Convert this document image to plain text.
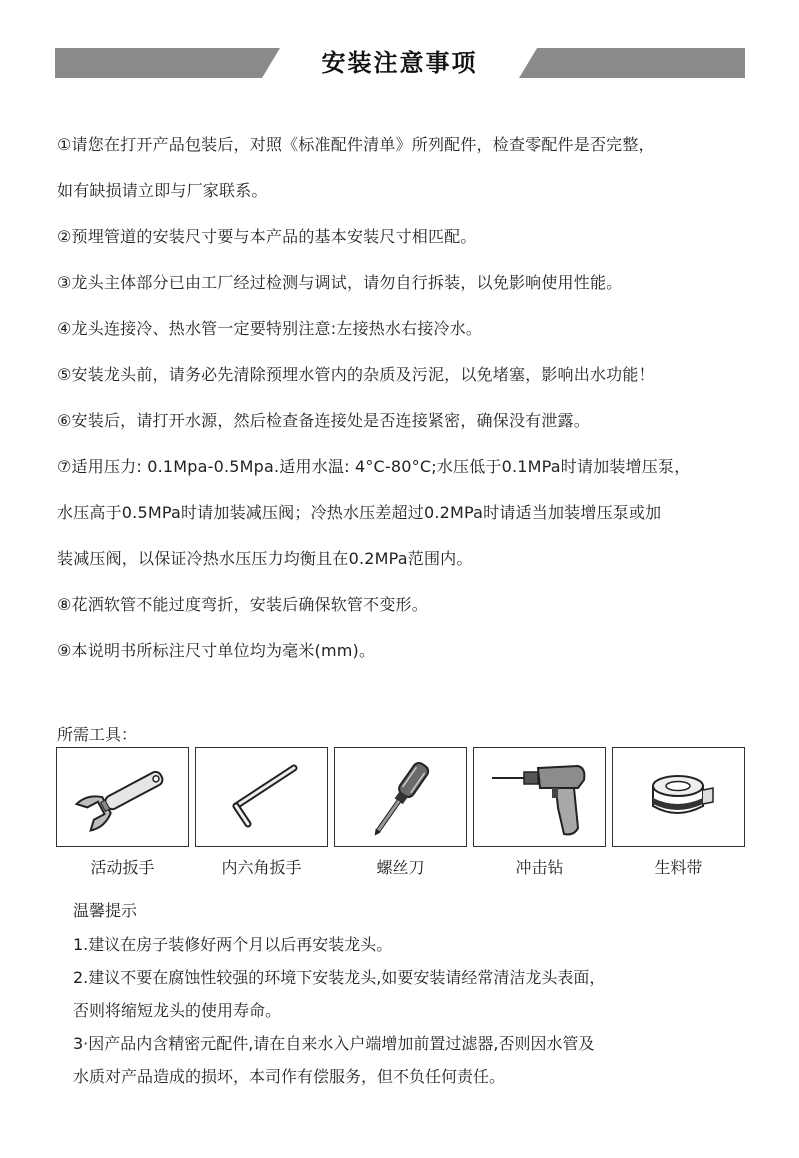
安装注意事项
①请您在打开产品包装后，对照《标准配件清单》所列配件，检查零配件是否完整，
如有缺损请立即与厂家联系。
②预埋管道的安装尺寸要与本产品的基本安装尺寸相匹配。
③龙头主体部分已由工厂经过检测与调试，请勿自行拆装，以免影响使用性能。
④龙头连接冷、热水管一定要特别注意:左接热水右接冷水。
⑤安装龙头前，请务必先清除预埋水管内的杂质及污泥，以免堵塞，影响出水功能！
⑥安装后，请打开水源，然后检查备连接处是否连接紧密，确保没有泄露。
⑦适用压力: 0.1Mpa-0.5Mpa.适用水温: 4°C-80°C;水压低于0.1MPa时请加装增压泵，
水压高于0.5MPa时请加装减压阀；冷热水压差超过0.2MPa时请适当加装增压泵或加
装减压阀，以保证冷热水压压力均衡且在0.2MPa范围内。
⑧花洒软管不能过度弯折，安装后确保软管不变形。
⑨本说明书所标注尺寸单位均为毫米(mm)。
所需工具：
活动扳手	内六角扳手	螺丝刀	冲击钻	生料带
温馨提示
1.建议在房子装修好两个月以后再安装龙头。
2.建议不要在腐蚀性较强的环境下安装龙头,如要安装请经常清洁龙头表面，
否则将缩短龙头的使用寿命。
3·因产品内含精密元配件,请在自来水入户端增加前置过滤器,否则因水管及
水质对产品造成的损坏，本司作有偿服务，但不负任何责任。
